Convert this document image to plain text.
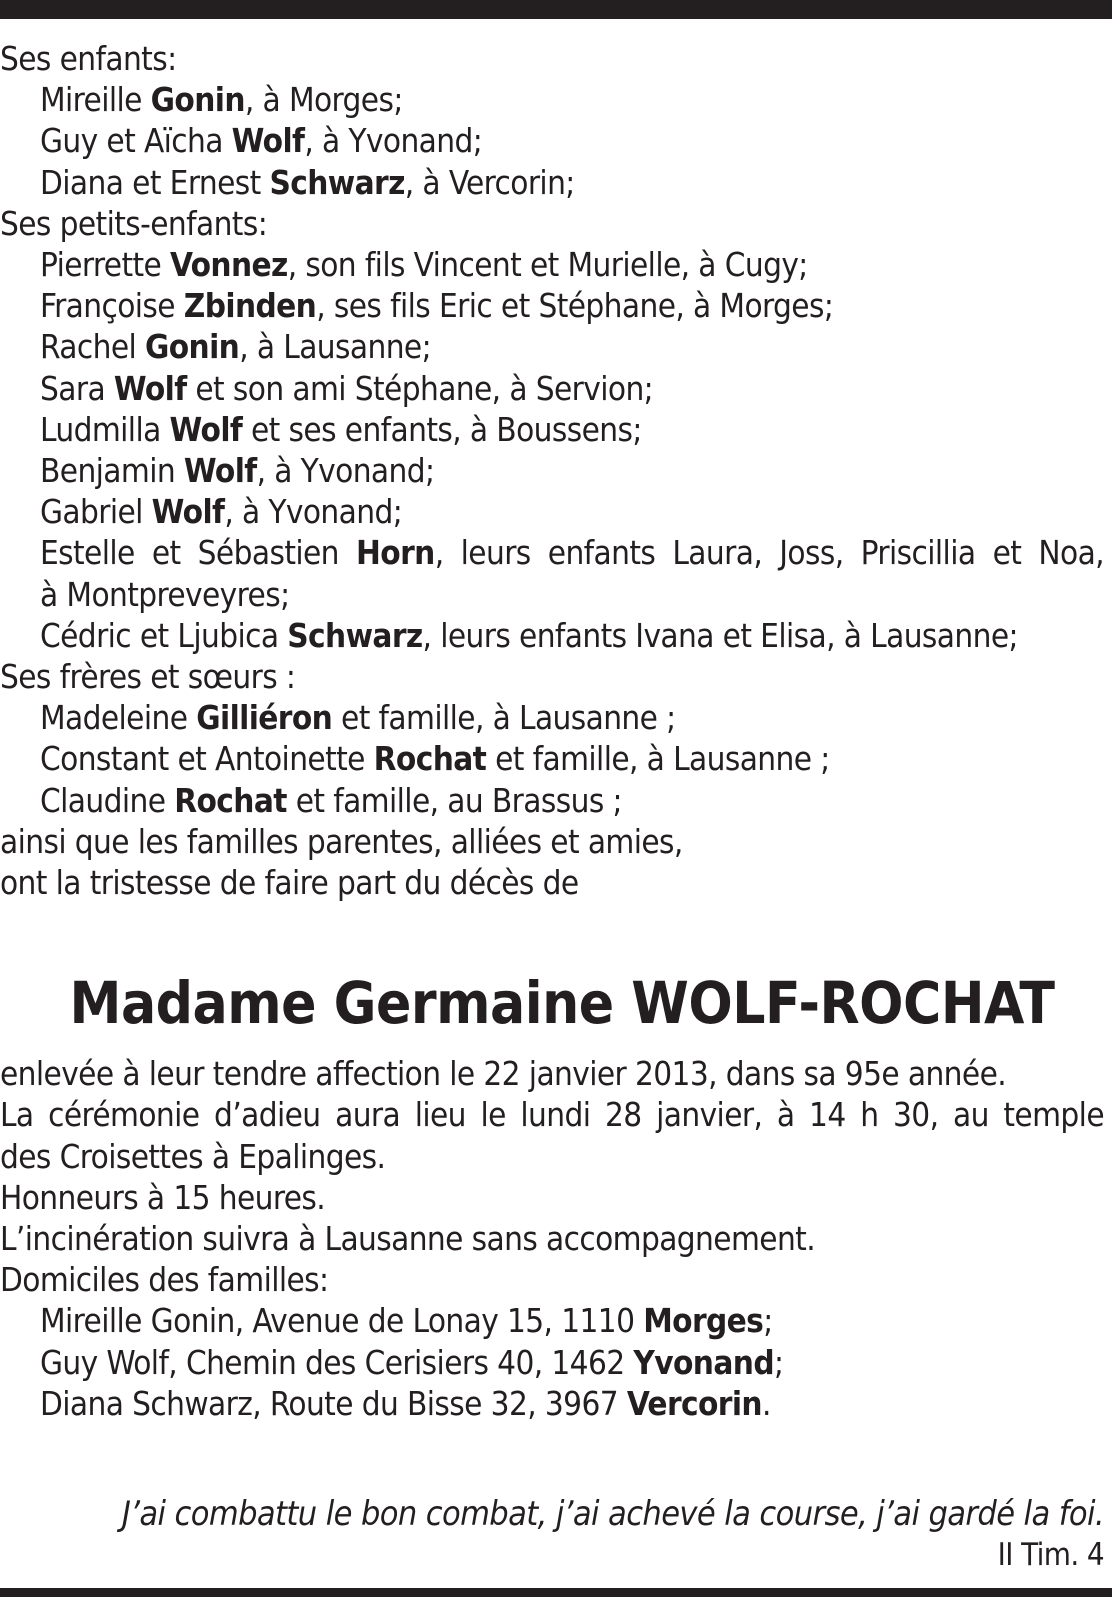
Ses enfants:
Mireille Gonin, à Morges;
Guy et Aïcha Wolf, à Yvonand;
Diana et Ernest Schwarz, à Vercorin;
Ses petits-enfants:
Pierrette Vonnez, son fils Vincent et Murielle, à Cugy;
Françoise Zbinden, ses fils Eric et Stéphane, à Morges;
Rachel Gonin, à Lausanne;
Sara Wolf et son ami Stéphane, à Servion;
Ludmilla Wolf et ses enfants, à Boussens;
Benjamin Wolf, à Yvonand;
Gabriel Wolf, à Yvonand;
Estelle et Sébastien Horn, leurs enfants Laura, Joss, Priscillia et Noa,
à Montpreveyres;
Cédric et Ljubica Schwarz, leurs enfants Ivana et Elisa, à Lausanne;
Ses frères et sœurs :
Madeleine Gilliéron et famille, à Lausanne ;
Constant et Antoinette Rochat et famille, à Lausanne ;
Claudine Rochat et famille, au Brassus ;
ainsi que les familles parentes, alliées et amies,
ont la tristesse de faire part du décès de
Madame Germaine WOLF-ROCHAT
enlevée à leur tendre affection le 22 janvier 2013, dans sa 95e année.
La cérémonie d’adieu aura lieu le lundi 28 janvier, à 14 h 30, au temple
des Croisettes à Epalinges.
Honneurs à 15 heures.
L’incinération suivra à Lausanne sans accompagnement.
Domiciles des familles:
Mireille Gonin, Avenue de Lonay 15, 1110 Morges;
Guy Wolf, Chemin des Cerisiers 40, 1462 Yvonand;
Diana Schwarz, Route du Bisse 32, 3967 Vercorin.
J’ai combattu le bon combat, j’ai achevé la course, j’ai gardé la foi.
II Tim. 4
